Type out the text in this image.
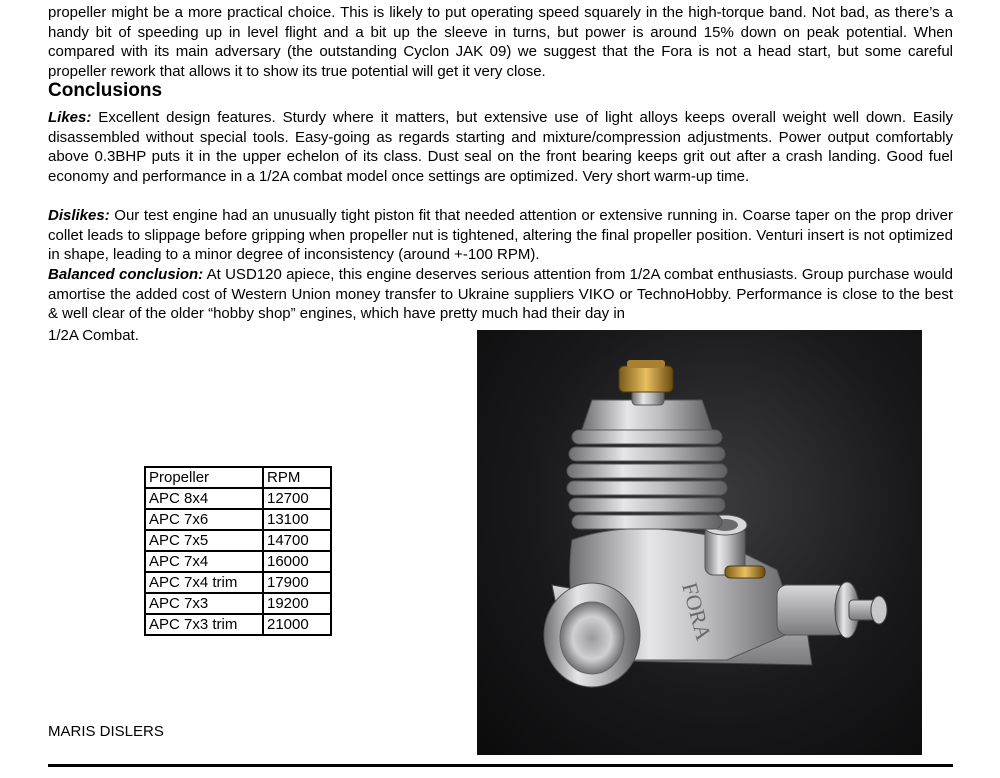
propeller might be a more practical choice. This is likely to put operating speed squarely in the high-torque band. Not bad, as there’s a handy bit of speeding up in level flight and a bit up the sleeve in turns, but power is around 15% down on peak potential. When compared with its main adversary (the outstanding Cyclon JAK 09) we suggest that the Fora is not a head start, but some careful propeller rework that allows it to show its true potential will get it very close.

Conclusions

Likes: Excellent design features. Sturdy where it matters, but extensive use of light alloys keeps overall weight well down. Easily disassembled without special tools. Easy-going as regards starting and mixture/compression adjustments. Power output comfortably above 0.3BHP puts it in the upper echelon of its class. Dust seal on the front bearing keeps grit out after a crash landing. Good fuel economy and performance in a 1/2A combat model once settings are optimized. Very short warm-up time.

Dislikes: Our test engine had an unusually tight piston fit that needed attention or extensive running in. Coarse taper on the prop driver collet leads to slippage before gripping when propeller nut is tightened, altering the final propeller position. Venturi insert is not optimized in shape, leading to a minor degree of inconsistency (around +-100 RPM).

Balanced conclusion: At USD120 apiece, this engine deserves serious attention from 1/2A combat enthusiasts. Group purchase would amortise the added cost of Western Union money transfer to Ukraine suppliers VIKO or TechnoHobby. Performance is close to the best & well clear of the older “hobby shop” engines, which have pretty much had their day in

1/2A Combat.
Propeller	RPM
APC 8x4	12700
APC 7x6	13100
APC 7x5	14700
APC 7x4	16000
APC 7x4 trim	17900
APC 7x3	19200
APC 7x3 trim	21000	FORA
MARIS DISLERS
